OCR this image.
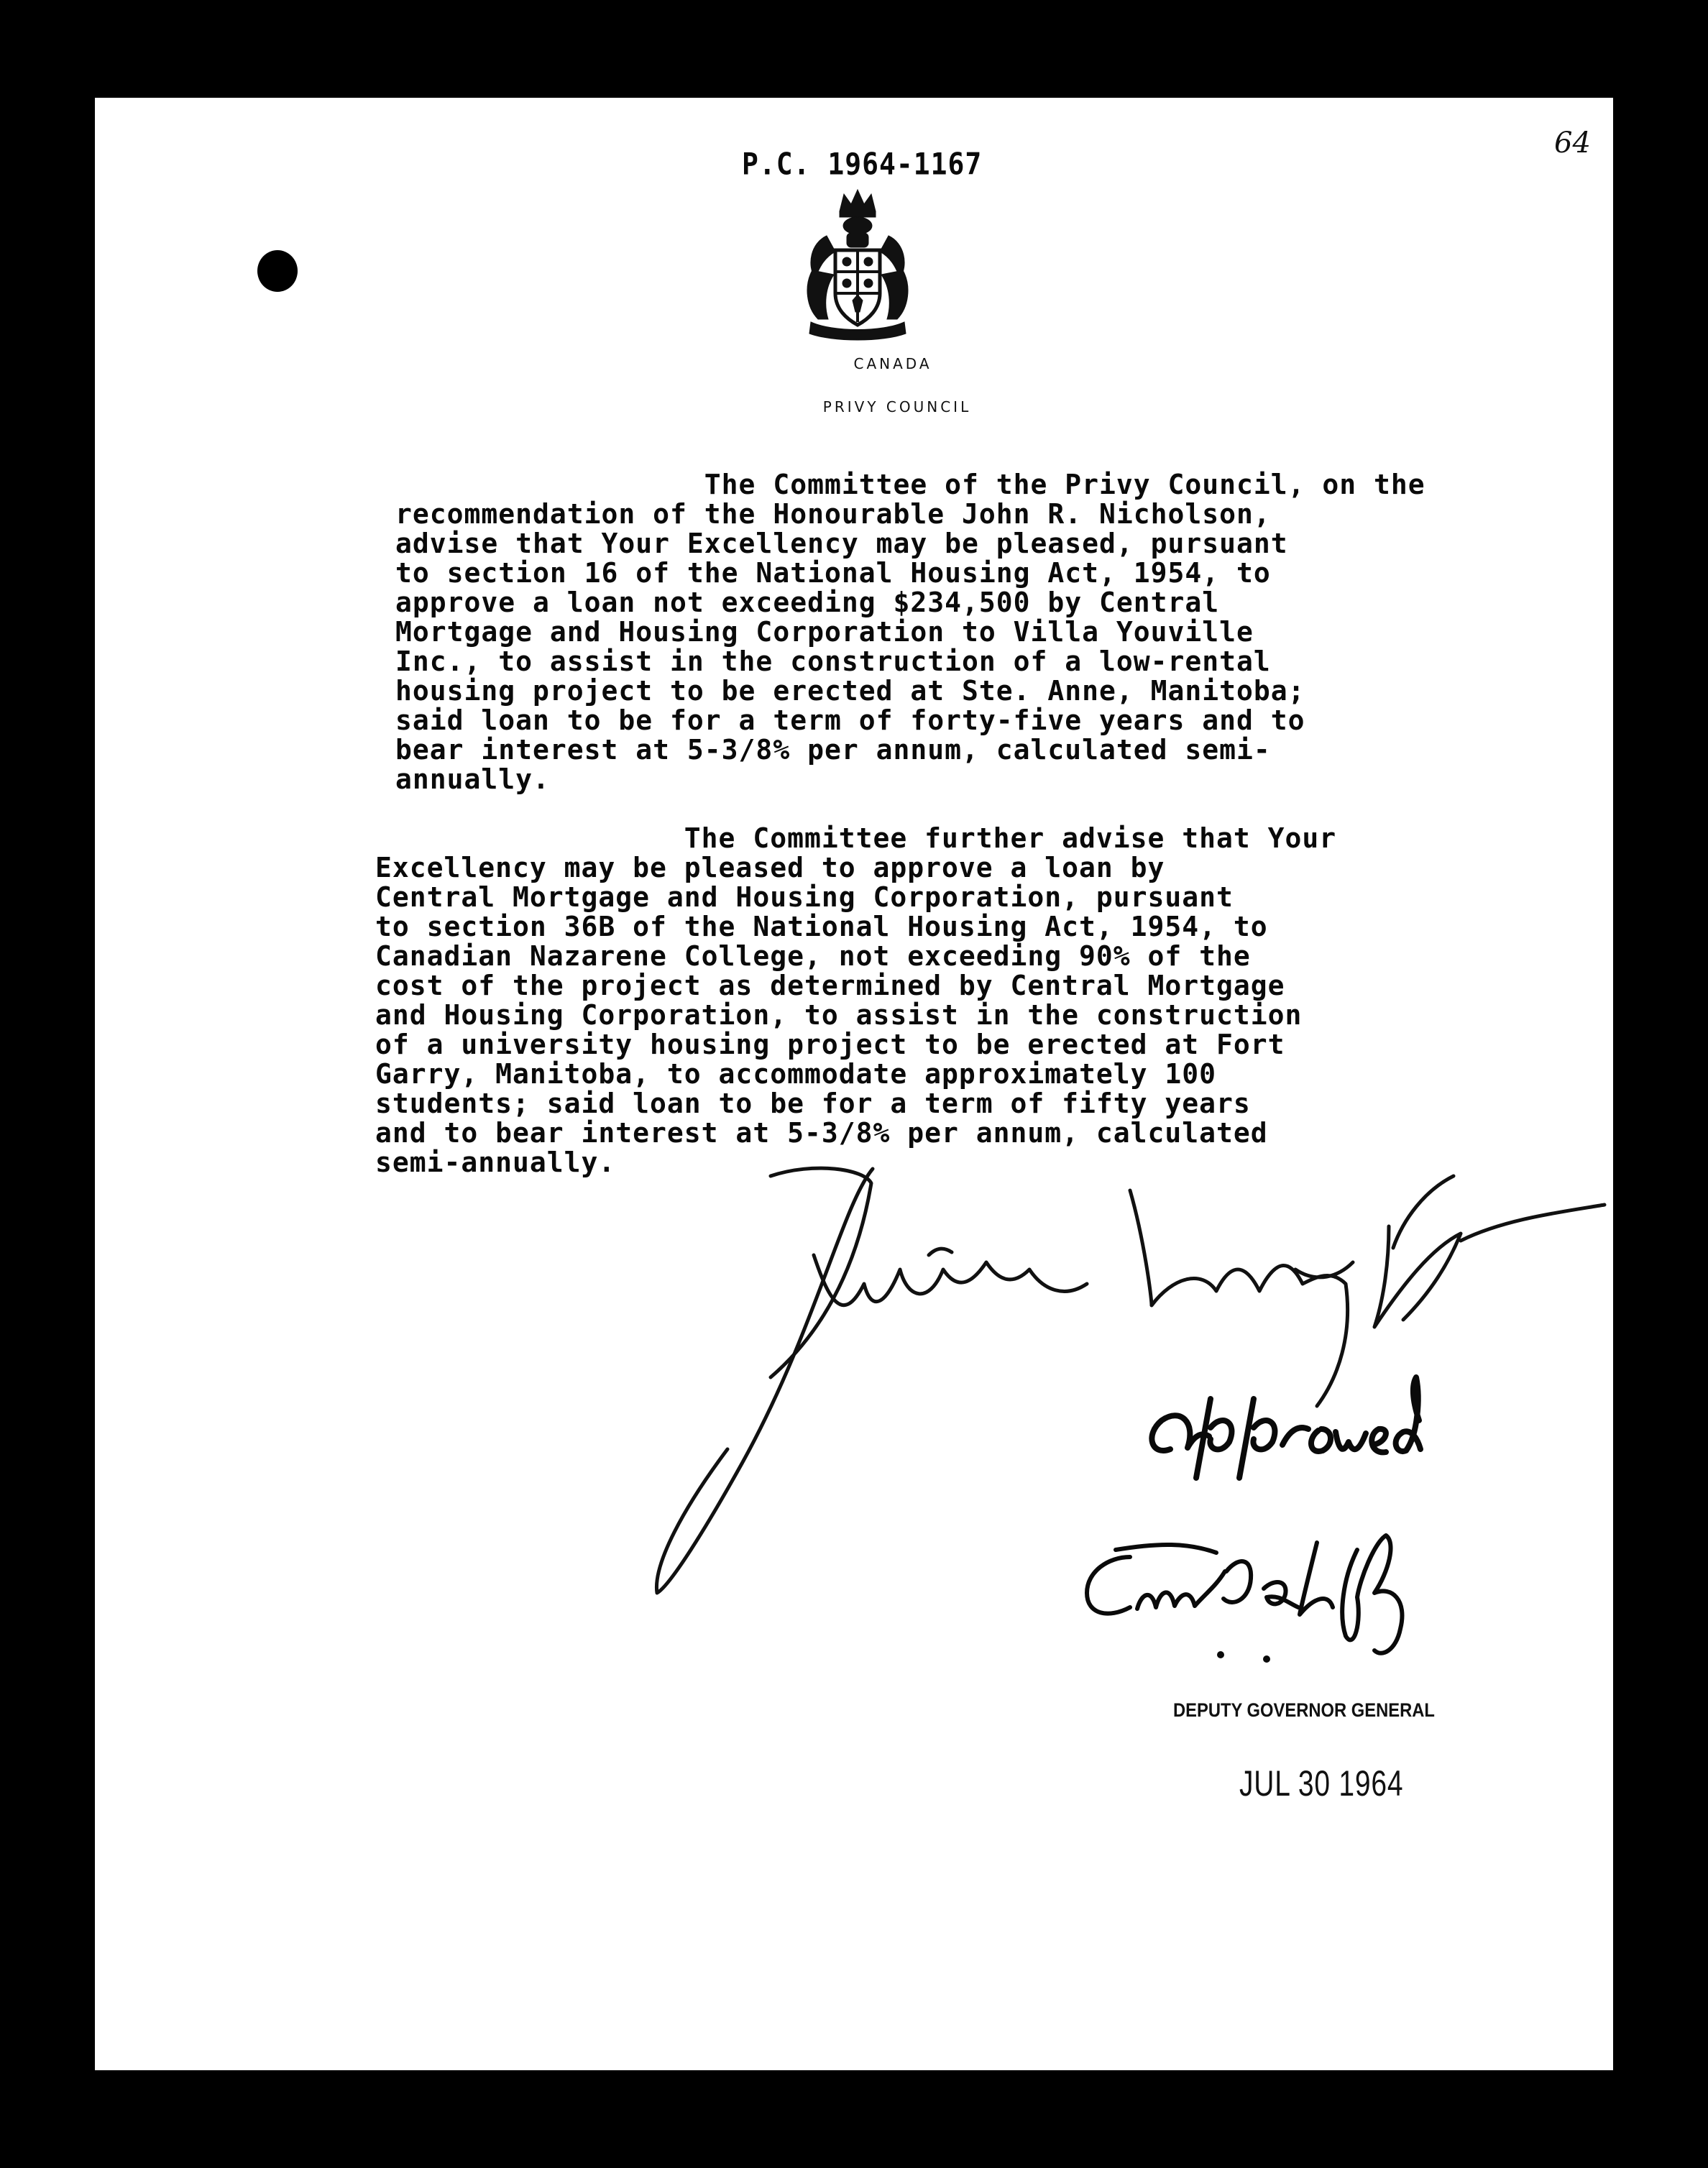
P.C. 1964-1167
64
CANADA
PRIVY COUNCIL
The Committee of the Privy Council, on the
recommendation of the Honourable John R. Nicholson,
advise that Your Excellency may be pleased, pursuant
to section 16 of the National Housing Act, 1954, to
approve a loan not exceeding $234,500 by Central
Mortgage and Housing Corporation to Villa Youville
Inc., to assist in the construction of a low-rental
housing project to be erected at Ste. Anne, Manitoba;
said loan to be for a term of forty-five years and to
bear interest at 5-3/8% per annum, calculated semi-
annually.
The Committee further advise that Your
Excellency may be pleased to approve a loan by
Central Mortgage and Housing Corporation, pursuant
to section 36B of the National Housing Act, 1954, to
Canadian Nazarene College, not exceeding 90% of the
cost of the project as determined by Central Mortgage
and Housing Corporation, to assist in the construction
of a university housing project to be erected at Fort
Garry, Manitoba, to accommodate approximately 100
students; said loan to be for a term of fifty years
and to bear interest at 5-3/8% per annum, calculated
semi-annually.
DEPUTY GOVERNOR GENERAL
JUL 30 1964
